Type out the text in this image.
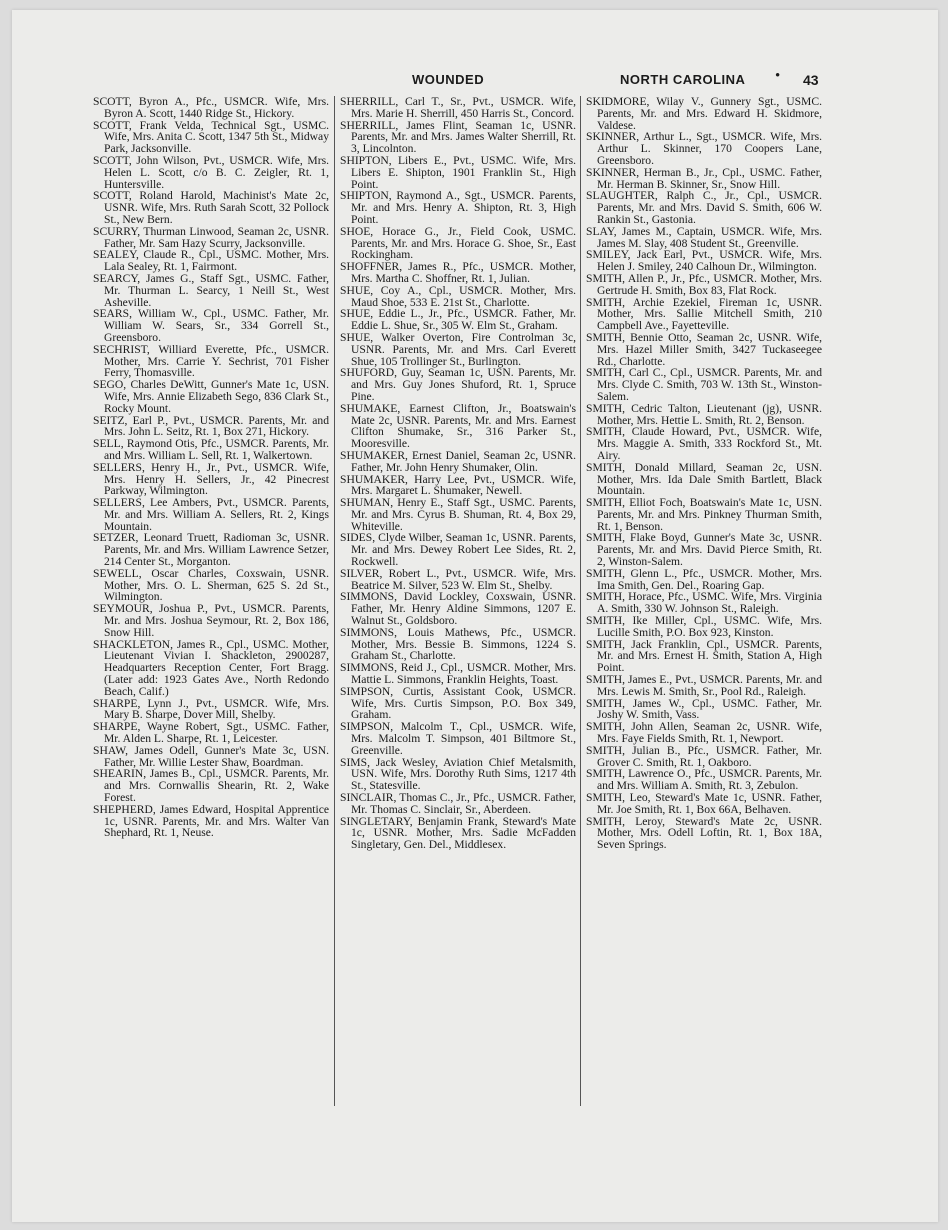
WOUNDED	NORTH CAROLINA • 43

SCOTT, Byron A., Pfc., USMCR. Wife, Mrs. Byron A. Scott, 1440 Ridge St., Hickory.

SCOTT, Frank Velda, Technical Sgt., USMC. Wife, Mrs. Anita C. Scott, 1347 5th St., Midway Park, Jacksonville.

SCOTT, John Wilson, Pvt., USMCR. Wife, Mrs. Helen L. Scott, c/o B. C. Zeigler, Rt. 1, Huntersville.

SCOTT, Roland Harold, Machinist's Mate 2c, USNR. Wife, Mrs. Ruth Sarah Scott, 32 Pollock St., New Bern.

SCURRY, Thurman Linwood, Seaman 2c, USNR. Father, Mr. Sam Hazy Scurry, Jacksonville.

SEALEY, Claude R., Cpl., USMC. Mother, Mrs. Lala Sealey, Rt. 1, Fairmont.

SEARCY, James G., Staff Sgt., USMC. Father, Mr. Thurman L. Searcy, 1 Neill St., West Asheville.

SEARS, William W., Cpl., USMC. Father, Mr. William W. Sears, Sr., 334 Gorrell St., Greensboro.

SECHRIST, Williard Everette, Pfc., USMCR. Mother, Mrs. Carrie Y. Sechrist, 701 Fisher Ferry, Thomasville.

SEGO, Charles DeWitt, Gunner's Mate 1c, USN. Wife, Mrs. Annie Elizabeth Sego, 836 Clark St., Rocky Mount.

SEITZ, Earl P., Pvt., USMCR. Parents, Mr. and Mrs. John L. Seitz, Rt. 1, Box 271, Hickory.

SELL, Raymond Otis, Pfc., USMCR. Parents, Mr. and Mrs. William L. Sell, Rt. 1, Walkertown.

SELLERS, Henry H., Jr., Pvt., USMCR. Wife, Mrs. Henry H. Sellers, Jr., 42 Pinecrest Parkway, Wilmington.

SELLERS, Lee Ambers, Pvt., USMCR. Parents, Mr. and Mrs. William A. Sellers, Rt. 2, Kings Mountain.

SETZER, Leonard Truett, Radioman 3c, USNR. Parents, Mr. and Mrs. William Lawrence Setzer, 214 Center St., Morganton.

SEWELL, Oscar Charles, Coxswain, USNR. Mother, Mrs. O. L. Sherman, 625 S. 2d St., Wilmington.

SEYMOUR, Joshua P., Pvt., USMCR. Parents, Mr. and Mrs. Joshua Seymour, Rt. 2, Box 186, Snow Hill.

SHACKLETON, James R., Cpl., USMC. Mother, Lieutenant Vivian I. Shackleton, 2900287, Headquarters Reception Center, Fort Bragg. (Later add: 1923 Gates Ave., North Redondo Beach, Calif.)

SHARPE, Lynn J., Pvt., USMCR. Wife, Mrs. Mary B. Sharpe, Dover Mill, Shelby.

SHARPE, Wayne Robert, Sgt., USMC. Father, Mr. Alden L. Sharpe, Rt. 1, Leicester.

SHAW, James Odell, Gunner's Mate 3c, USN. Father, Mr. Willie Lester Shaw, Boardman.

SHEARIN, James B., Cpl., USMCR. Parents, Mr. and Mrs. Cornwallis Shearin, Rt. 2, Wake Forest.

SHEPHERD, James Edward, Hospital Apprentice 1c, USNR. Parents, Mr. and Mrs. Walter Van Shephard, Rt. 1, Neuse.

SHERRILL, Carl T., Sr., Pvt., USMCR. Wife, Mrs. Marie H. Sherrill, 450 Harris St., Concord.

SHERRILL, James Flint, Seaman 1c, USNR. Parents, Mr. and Mrs. James Walter Sherrill, Rt. 3, Lincolnton.

SHIPTON, Libers E., Pvt., USMC. Wife, Mrs. Libers E. Shipton, 1901 Franklin St., High Point.

SHIPTON, Raymond A., Sgt., USMCR. Parents, Mr. and Mrs. Henry A. Shipton, Rt. 3, High Point.

SHOE, Horace G., Jr., Field Cook, USMC. Parents, Mr. and Mrs. Horace G. Shoe, Sr., East Rockingham.

SHOFFNER, James R., Pfc., USMCR. Mother, Mrs. Martha C. Shoffner, Rt. 1, Julian.

SHUE, Coy A., Cpl., USMCR. Mother, Mrs. Maud Shoe, 533 E. 21st St., Charlotte.

SHUE, Eddie L., Jr., Pfc., USMCR. Father, Mr. Eddie L. Shue, Sr., 305 W. Elm St., Graham.

SHUE, Walker Overton, Fire Controlman 3c, USNR. Parents, Mr. and Mrs. Carl Everett Shue, 105 Trollinger St., Burlington.

SHUFORD, Guy, Seaman 1c, USN. Parents, Mr. and Mrs. Guy Jones Shuford, Rt. 1, Spruce Pine.

SHUMAKE, Earnest Clifton, Jr., Boatswain's Mate 2c, USNR. Parents, Mr. and Mrs. Earnest Clifton Shumake, Sr., 316 Parker St., Mooresville.

SHUMAKER, Ernest Daniel, Seaman 2c, USNR. Father, Mr. John Henry Shumaker, Olin.

SHUMAKER, Harry Lee, Pvt., USMCR. Wife, Mrs. Margaret L. Shumaker, Newell.

SHUMAN, Henry E., Staff Sgt., USMC. Parents, Mr. and Mrs. Cyrus B. Shuman, Rt. 4, Box 29, Whiteville.

SIDES, Clyde Wilber, Seaman 1c, USNR. Parents, Mr. and Mrs. Dewey Robert Lee Sides, Rt. 2, Rockwell.

SILVER, Robert L., Pvt., USMCR. Wife, Mrs. Beatrice M. Silver, 523 W. Elm St., Shelby.

SIMMONS, David Lockley, Coxswain, USNR. Father, Mr. Henry Aldine Simmons, 1207 E. Walnut St., Goldsboro.

SIMMONS, Louis Mathews, Pfc., USMCR. Mother, Mrs. Bessie B. Simmons, 1224 S. Graham St., Charlotte.

SIMMONS, Reid J., Cpl., USMCR. Mother, Mrs. Mattie L. Simmons, Franklin Heights, Toast.

SIMPSON, Curtis, Assistant Cook, USMCR. Wife, Mrs. Curtis Simpson, P.O. Box 349, Graham.

SIMPSON, Malcolm T., Cpl., USMCR. Wife, Mrs. Malcolm T. Simpson, 401 Biltmore St., Greenville.

SIMS, Jack Wesley, Aviation Chief Metalsmith, USN. Wife, Mrs. Dorothy Ruth Sims, 1217 4th St., Statesville.

SINCLAIR, Thomas C., Jr., Pfc., USMCR. Father, Mr. Thomas C. Sinclair, Sr., Aberdeen.

SINGLETARY, Benjamin Frank, Steward's Mate 1c, USNR. Mother, Mrs. Sadie McFadden Singletary, Gen. Del., Middlesex.

SKIDMORE, Wilay V., Gunnery Sgt., USMC. Parents, Mr. and Mrs. Edward H. Skidmore, Valdese.

SKINNER, Arthur L., Sgt., USMCR. Wife, Mrs. Arthur L. Skinner, 170 Coopers Lane, Greensboro.

SKINNER, Herman B., Jr., Cpl., USMC. Father, Mr. Herman B. Skinner, Sr., Snow Hill.

SLAUGHTER, Ralph C., Jr., Cpl., USMCR. Parents, Mr. and Mrs. David S. Smith, 606 W. Rankin St., Gastonia.

SLAY, James M., Captain, USMCR. Wife, Mrs. James M. Slay, 408 Student St., Greenville.

SMILEY, Jack Earl, Pvt., USMCR. Wife, Mrs. Helen J. Smiley, 240 Calhoun Dr., Wilmington.

SMITH, Allen P., Jr., Pfc., USMCR. Mother, Mrs. Gertrude H. Smith, Box 83, Flat Rock.

SMITH, Archie Ezekiel, Fireman 1c, USNR. Mother, Mrs. Sallie Mitchell Smith, 210 Campbell Ave., Fayetteville.

SMITH, Bennie Otto, Seaman 2c, USNR. Wife, Mrs. Hazel Miller Smith, 3427 Tuckaseegee Rd., Charlotte.

SMITH, Carl C., Cpl., USMCR. Parents, Mr. and Mrs. Clyde C. Smith, 703 W. 13th St., Winston-Salem.

SMITH, Cedric Talton, Lieutenant (jg), USNR. Mother, Mrs. Hettie L. Smith, Rt. 2, Benson.

SMITH, Claude Howard, Pvt., USMCR. Wife, Mrs. Maggie A. Smith, 333 Rockford St., Mt. Airy.

SMITH, Donald Millard, Seaman 2c, USN. Mother, Mrs. Ida Dale Smith Bartlett, Black Mountain.

SMITH, Elliot Foch, Boatswain's Mate 1c, USN. Parents, Mr. and Mrs. Pinkney Thurman Smith, Rt. 1, Benson.

SMITH, Flake Boyd, Gunner's Mate 3c, USNR. Parents, Mr. and Mrs. David Pierce Smith, Rt. 2, Winston-Salem.

SMITH, Glenn L., Pfc., USMCR. Mother, Mrs. Ima Smith, Gen. Del., Roaring Gap.

SMITH, Horace, Pfc., USMC. Wife, Mrs. Virginia A. Smith, 330 W. Johnson St., Raleigh.

SMITH, Ike Miller, Cpl., USMC. Wife, Mrs. Lucille Smith, P.O. Box 923, Kinston.

SMITH, Jack Franklin, Cpl., USMCR. Parents, Mr. and Mrs. Ernest H. Smith, Station A, High Point.

SMITH, James E., Pvt., USMCR. Parents, Mr. and Mrs. Lewis M. Smith, Sr., Pool Rd., Raleigh.

SMITH, James W., Cpl., USMC. Father, Mr. Joshy W. Smith, Vass.

SMITH, John Allen, Seaman 2c, USNR. Wife, Mrs. Faye Fields Smith, Rt. 1, Newport.

SMITH, Julian B., Pfc., USMCR. Father, Mr. Grover C. Smith, Rt. 1, Oakboro.

SMITH, Lawrence O., Pfc., USMCR. Parents, Mr. and Mrs. William A. Smith, Rt. 3, Zebulon.

SMITH, Leo, Steward's Mate 1c, USNR. Father, Mr. Joe Smith, Rt. 1, Box 66A, Belhaven.

SMITH, Leroy, Steward's Mate 2c, USNR. Mother, Mrs. Odell Loftin, Rt. 1, Box 18A, Seven Springs.
